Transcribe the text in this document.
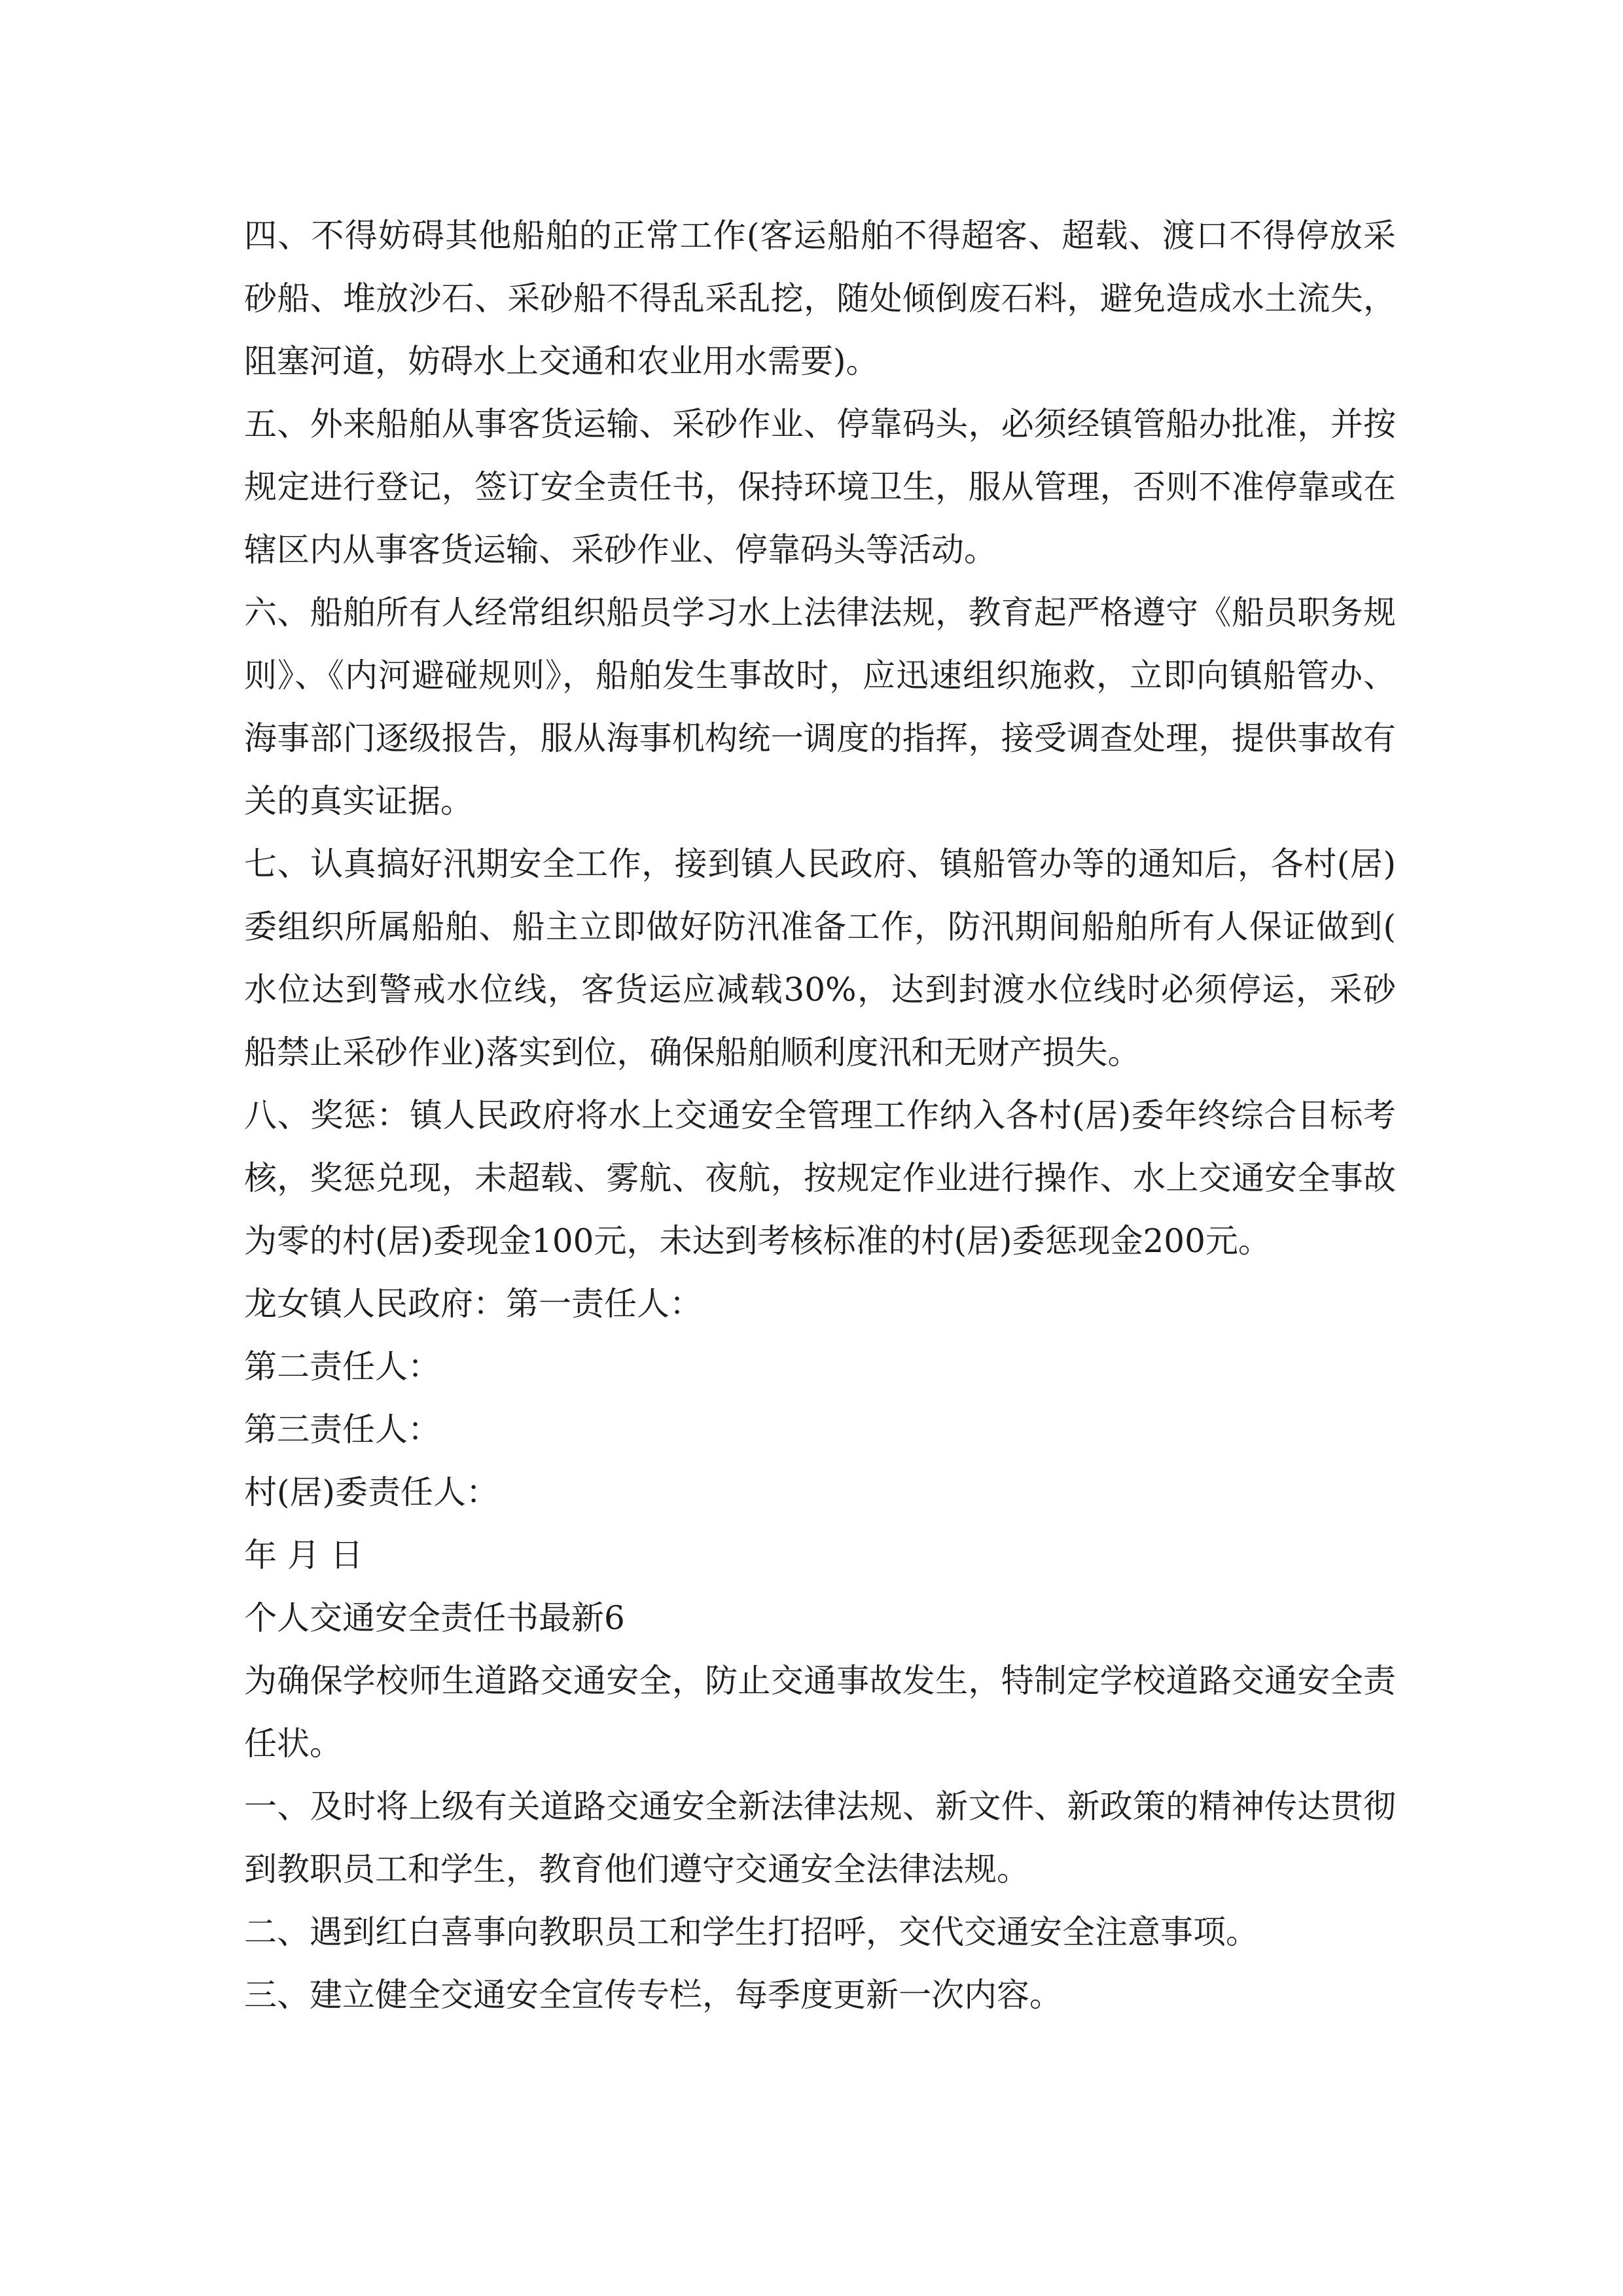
四、不得妨碍其他船舶的正常工作(客运船舶不得超客、超载、渡口不得停放采砂船、堆放沙石、采砂船不得乱采乱挖，随处倾倒废石料，避免造成水土流失，阻塞河道，妨碍水上交通和农业用水需要)。

五、外来船舶从事客货运输、采砂作业、停靠码头，必须经镇管船办批准，并按规定进行登记，签订安全责任书，保持环境卫生，服从管理，否则不准停靠或在辖区内从事客货运输、采砂作业、停靠码头等活动。

六、船舶所有人经常组织船员学习水上法律法规，教育起严格遵守《船员职务规则》、《内河避碰规则》，船舶发生事故时，应迅速组织施救，立即向镇船管办、海事部门逐级报告，服从海事机构统一调度的指挥，接受调查处理，提供事故有关的真实证据。

七、认真搞好汛期安全工作，接到镇人民政府、镇船管办等的通知后，各村(居)委组织所属船舶、船主立即做好防汛准备工作，防汛期间船舶所有人保证做到(水位达到警戒水位线，客货运应减载30%，达到封渡水位线时必须停运，采砂船禁止采砂作业)落实到位，确保船舶顺利度汛和无财产损失。

八、奖惩：镇人民政府将水上交通安全管理工作纳入各村(居)委年终综合目标考核，奖惩兑现，未超载、雾航、夜航，按规定作业进行操作、水上交通安全事故为零的村(居)委现金100元，未达到考核标准的村(居)委惩现金200元。

龙女镇人民政府：第一责任人：

第二责任人：

第三责任人：

村(居)委责任人：

年 月 日

个人交通安全责任书最新6

为确保学校师生道路交通安全，防止交通事故发生，特制定学校道路交通安全责任状。

一、及时将上级有关道路交通安全新法律法规、新文件、新政策的精神传达贯彻到教职员工和学生，教育他们遵守交通安全法律法规。

二、遇到红白喜事向教职员工和学生打招呼，交代交通安全注意事项。

三、建立健全交通安全宣传专栏，每季度更新一次内容。
